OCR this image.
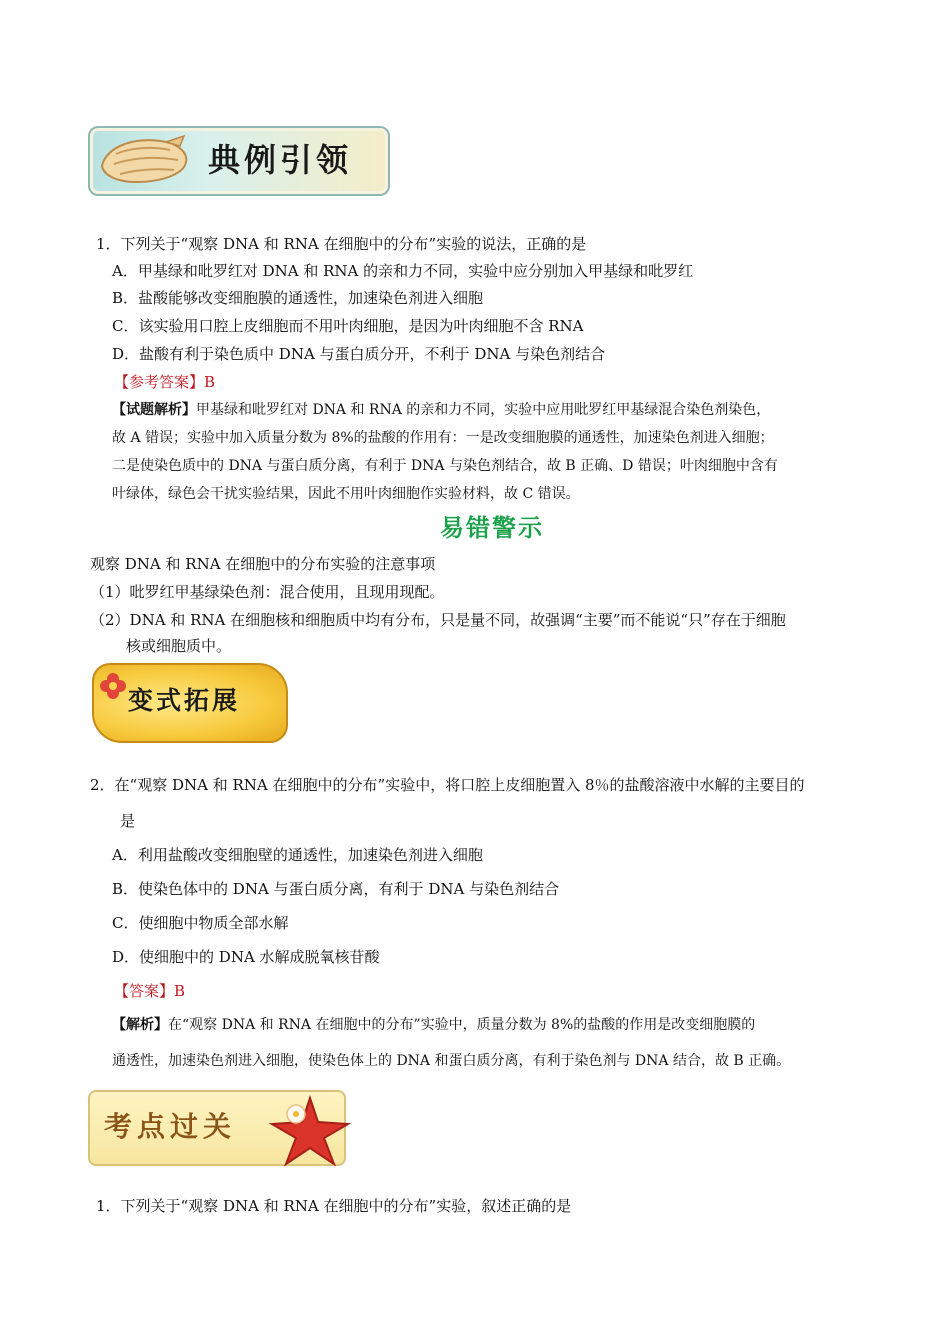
典例引领
1．下列关于“观察 DNA 和 RNA 在细胞中的分布”实验的说法，正确的是
A．甲基绿和吡罗红对 DNA 和 RNA 的亲和力不同，实验中应分别加入甲基绿和吡罗红
B．盐酸能够改变细胞膜的通透性，加速染色剂进入细胞
C．该实验用口腔上皮细胞而不用叶肉细胞，是因为叶肉细胞不含 RNA
D．盐酸有利于染色质中 DNA 与蛋白质分开，不利于 DNA 与染色剂结合
【参考答案】B
【试题解析】甲基绿和吡罗红对 DNA 和 RNA 的亲和力不同，实验中应用吡罗红甲基绿混合染色剂染色，
故 A 错误；实验中加入质量分数为 8%的盐酸的作用有：一是改变细胞膜的通透性，加速染色剂进入细胞；
二是使染色质中的 DNA 与蛋白质分离，有利于 DNA 与染色剂结合，故 B 正确、D 错误；叶肉细胞中含有
叶绿体，绿色会干扰实验结果，因此不用叶肉细胞作实验材料，故 C 错误。
易错警示
观察 DNA 和 RNA 在细胞中的分布实验的注意事项
（1）吡罗红甲基绿染色剂：混合使用，且现用现配。
（2）DNA 和 RNA 在细胞核和细胞质中均有分布，只是量不同，故强调“主要”而不能说“只”存在于细胞
核或细胞质中。
变式拓展
2．在“观察 DNA 和 RNA 在细胞中的分布”实验中，将口腔上皮细胞置入 8％的盐酸溶液中水解的主要目的
是
A．利用盐酸改变细胞壁的通透性，加速染色剂进入细胞
B．使染色体中的 DNA 与蛋白质分离，有利于 DNA 与染色剂结合
C．使细胞中物质全部水解
D．使细胞中的 DNA 水解成脱氧核苷酸
【答案】B
【解析】在“观察 DNA 和 RNA 在细胞中的分布”实验中，质量分数为 8%的盐酸的作用是改变细胞膜的
通透性，加速染色剂进入细胞，使染色体上的 DNA 和蛋白质分离，有利于染色剂与 DNA 结合，故 B 正确。
考点过关
1．下列关于“观察 DNA 和 RNA 在细胞中的分布”实验，叙述正确的是
